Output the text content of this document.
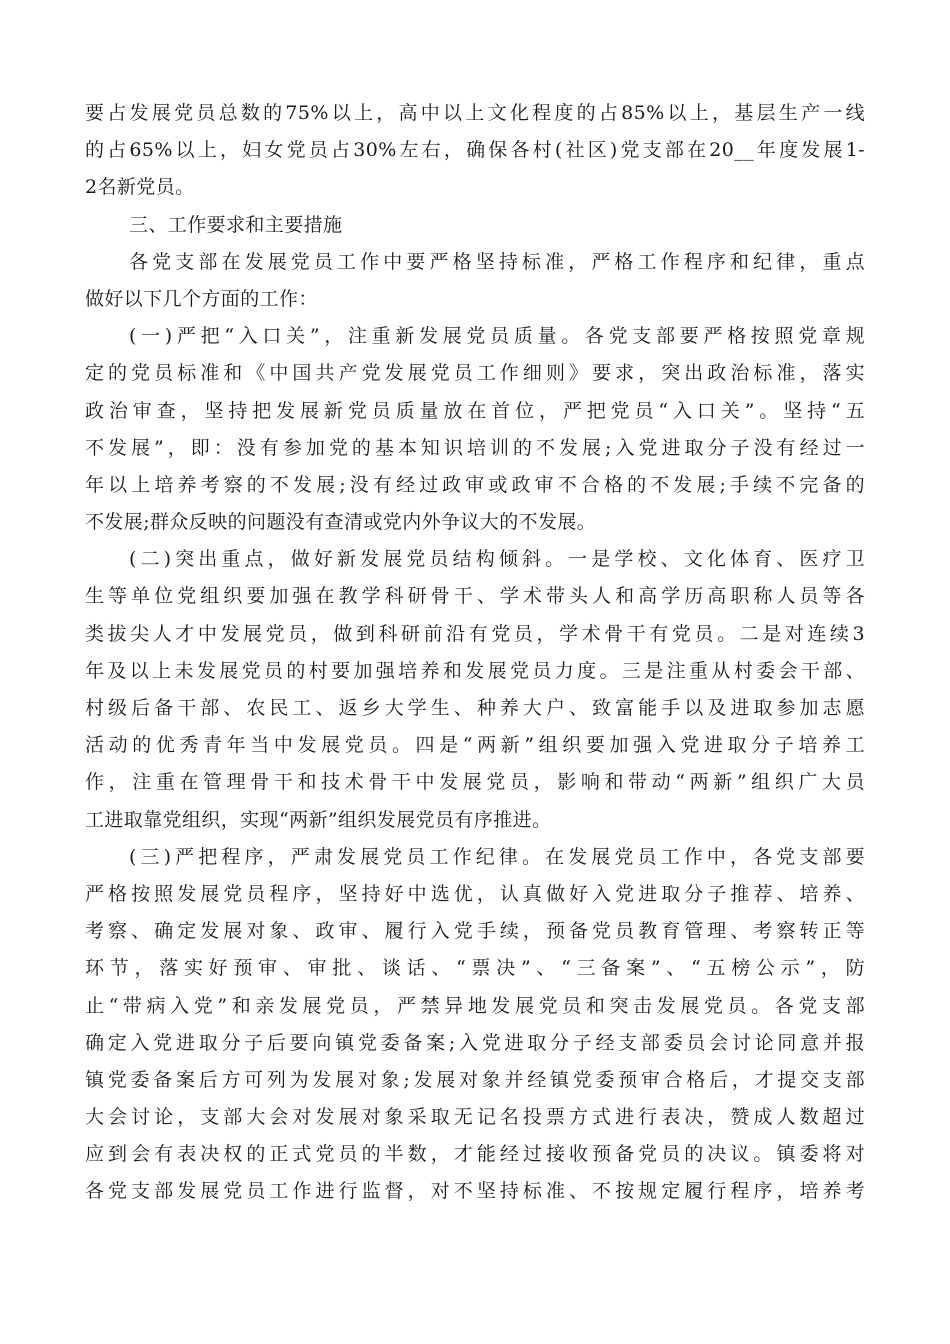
要占发展党员总数的75%以上，高中以上文化程度的占85%以上，基层生产一线
的占65%以上，妇女党员占30%左右，确保各村(社区)党支部在20__年度发展1-
2名新党员。
三、工作要求和主要措施
各党支部在发展党员工作中要严格坚持标准，严格工作程序和纪律，重点
做好以下几个方面的工作：
(一)严把“入口关”，注重新发展党员质量。各党支部要严格按照党章规
定的党员标准和《中国共产党发展党员工作细则》要求，突出政治标准，落实
政治审查，坚持把发展新党员质量放在首位，严把党员“入口关”。坚持“五
不发展”，即：没有参加党的基本知识培训的不发展;入党进取分子没有经过一
年以上培养考察的不发展;没有经过政审或政审不合格的不发展;手续不完备的
不发展;群众反映的问题没有查清或党内外争议大的不发展。
(二)突出重点，做好新发展党员结构倾斜。一是学校、文化体育、医疗卫
生等单位党组织要加强在教学科研骨干、学术带头人和高学历高职称人员等各
类拔尖人才中发展党员，做到科研前沿有党员，学术骨干有党员。二是对连续3
年及以上未发展党员的村要加强培养和发展党员力度。三是注重从村委会干部、
村级后备干部、农民工、返乡大学生、种养大户、致富能手以及进取参加志愿
活动的优秀青年当中发展党员。四是“两新”组织要加强入党进取分子培养工
作，注重在管理骨干和技术骨干中发展党员，影响和带动“两新”组织广大员
工进取靠党组织，实现“两新”组织发展党员有序推进。
(三)严把程序，严肃发展党员工作纪律。在发展党员工作中，各党支部要
严格按照发展党员程序，坚持好中选优，认真做好入党进取分子推荐、培养、
考察、确定发展对象、政审、履行入党手续，预备党员教育管理、考察转正等
环节，落实好预审、审批、谈话、“票决”、“三备案”、“五榜公示”，防
止“带病入党”和亲发展党员，严禁异地发展党员和突击发展党员。各党支部
确定入党进取分子后要向镇党委备案;入党进取分子经支部委员会讨论同意并报
镇党委备案后方可列为发展对象;发展对象并经镇党委预审合格后，才提交支部
大会讨论，支部大会对发展对象采取无记名投票方式进行表决，赞成人数超过
应到会有表决权的正式党员的半数，才能经过接收预备党员的决议。镇委将对
各党支部发展党员工作进行监督，对不坚持标准、不按规定履行程序，培养考
